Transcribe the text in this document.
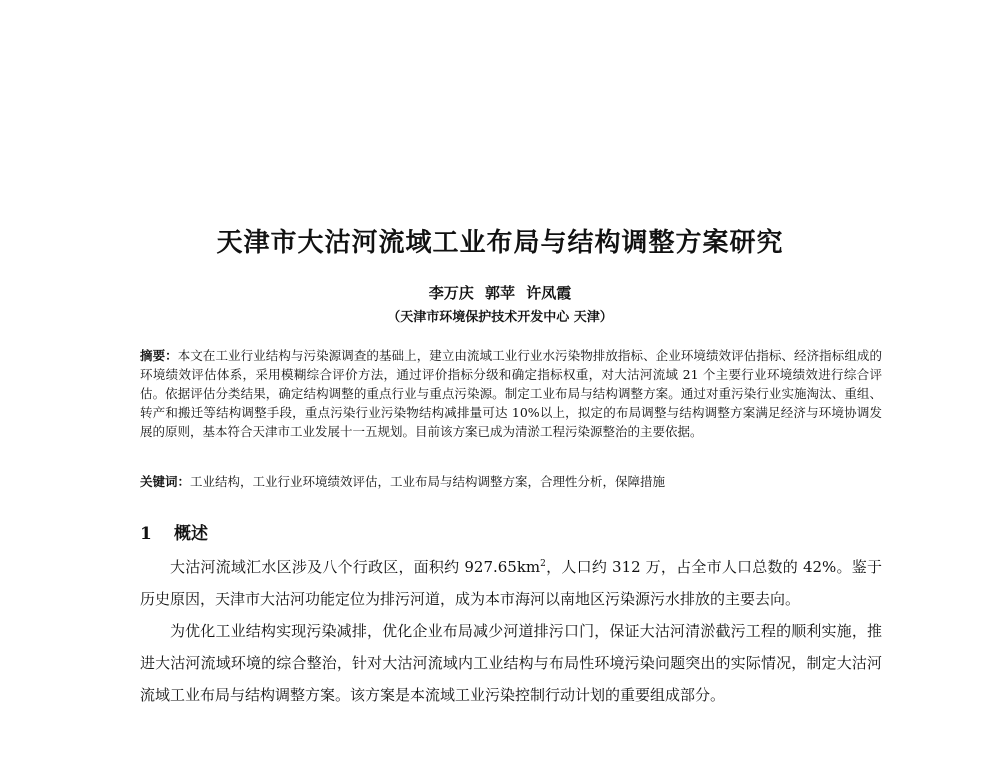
天津市大沽河流域工业布局与结构调整方案研究
李万庆 郭苹 许凤霞
（天津市环境保护技术开发中心 天津）
摘要：本文在工业行业结构与污染源调查的基础上，建立由流域工业行业水污染物排放指标、企业环境绩效评估指标、经济指标组成的环境绩效评估体系，采用模糊综合评价方法，通过评价指标分级和确定指标权重，对大沽河流域 21 个主要行业环境绩效进行综合评估。依据评估分类结果，确定结构调整的重点行业与重点污染源。制定工业布局与结构调整方案。通过对重污染行业实施淘汰、重组、转产和搬迁等结构调整手段，重点污染行业污染物结构减排量可达 10%以上，拟定的布局调整与结构调整方案满足经济与环境协调发展的原则，基本符合天津市工业发展十一五规划。目前该方案已成为清淤工程污染源整治的主要依据。
关键词：工业结构，工业行业环境绩效评估，工业布局与结构调整方案，合理性分析，保障措施
1 概述

大沽河流域汇水区涉及八个行政区，面积约 $927.65km^2$，人口约 312 万，占全市人口总数的 42%。鉴于历史原因，天津市大沽河功能定位为排污河道，成为本市海河以南地区污染源污水排放的主要去向。

为优化工业结构实现污染减排，优化企业布局减少河道排污口门，保证大沽河清淤截污工程的顺利实施，推进大沽河流域环境的综合整治，针对大沽河流域内工业结构与布局性环境污染问题突出的实际情况，制定大沽河流域工业布局与结构调整方案。该方案是本流域工业污染控制行动计划的重要组成部分。
